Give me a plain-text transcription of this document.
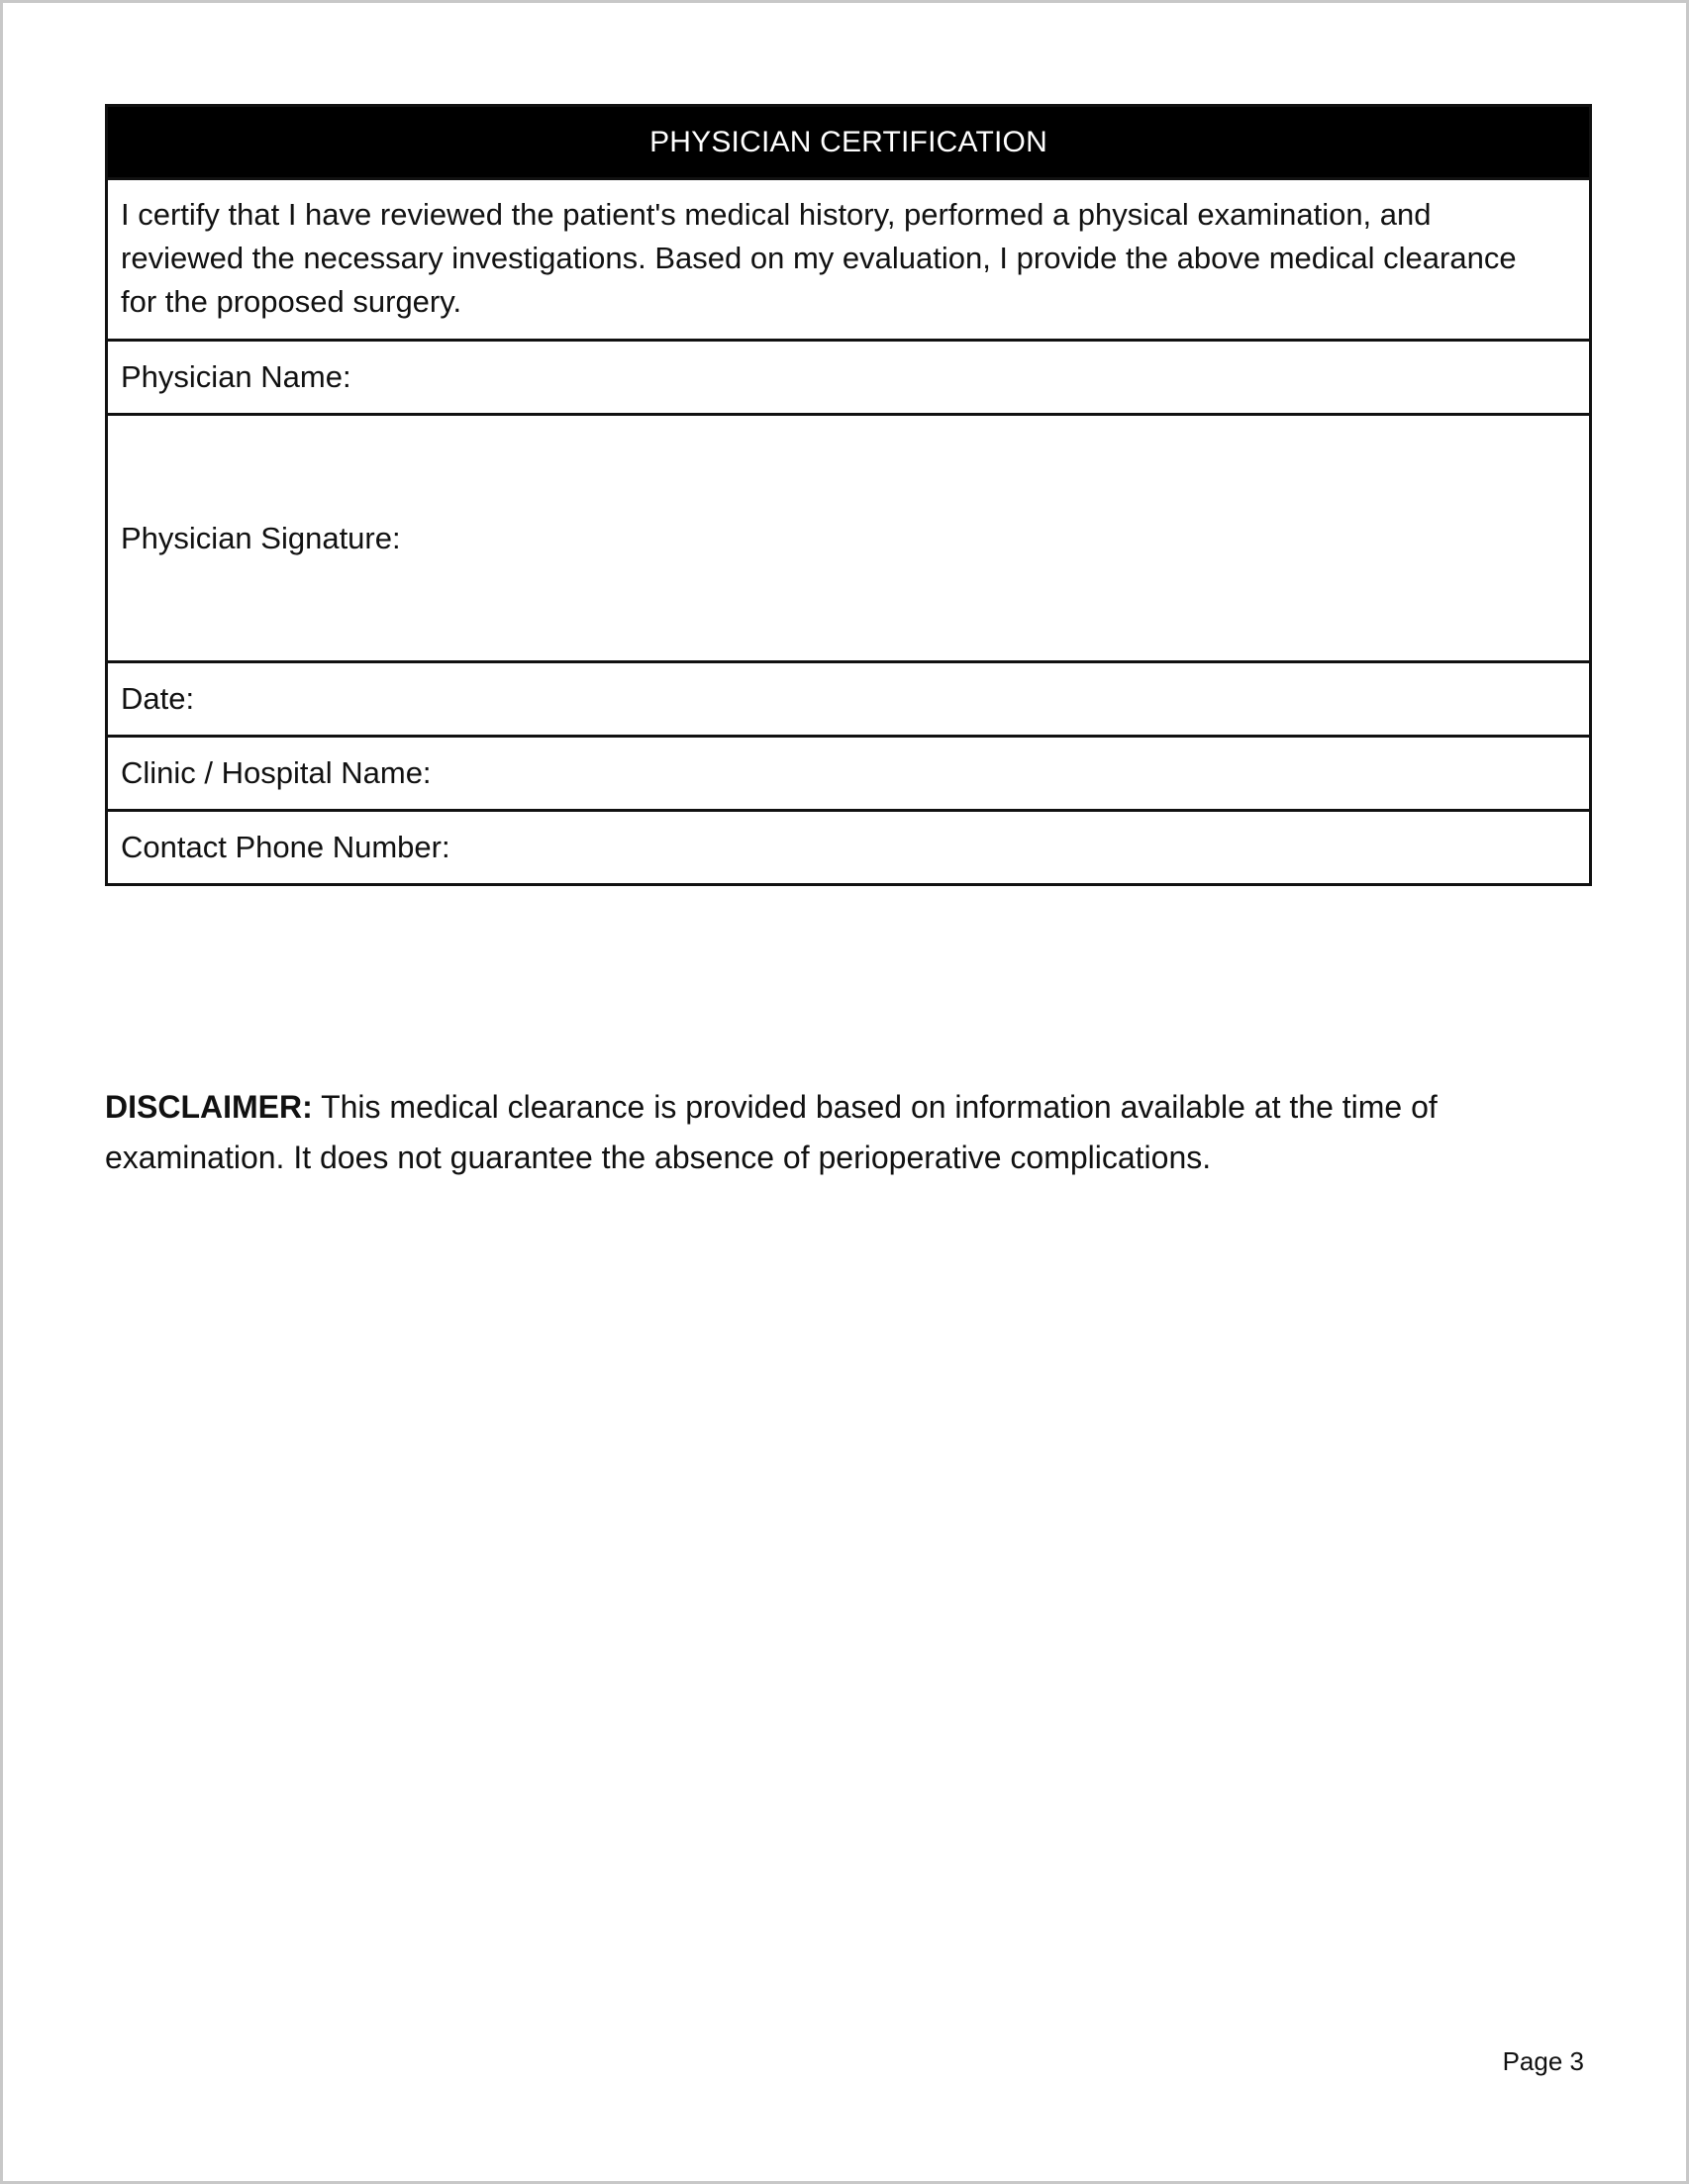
PHYSICIAN CERTIFICATION
I certify that I have reviewed the patient's medical history, performed a physical examination, and reviewed the necessary investigations. Based on my evaluation, I provide the above medical clearance for the proposed surgery.
Physician Name:
Physician Signature:
Date:
Clinic / Hospital Name:
Contact Phone Number:
DISCLAIMER: This medical clearance is provided based on information available at the time of examination. It does not guarantee the absence of perioperative complications.
Page 3
